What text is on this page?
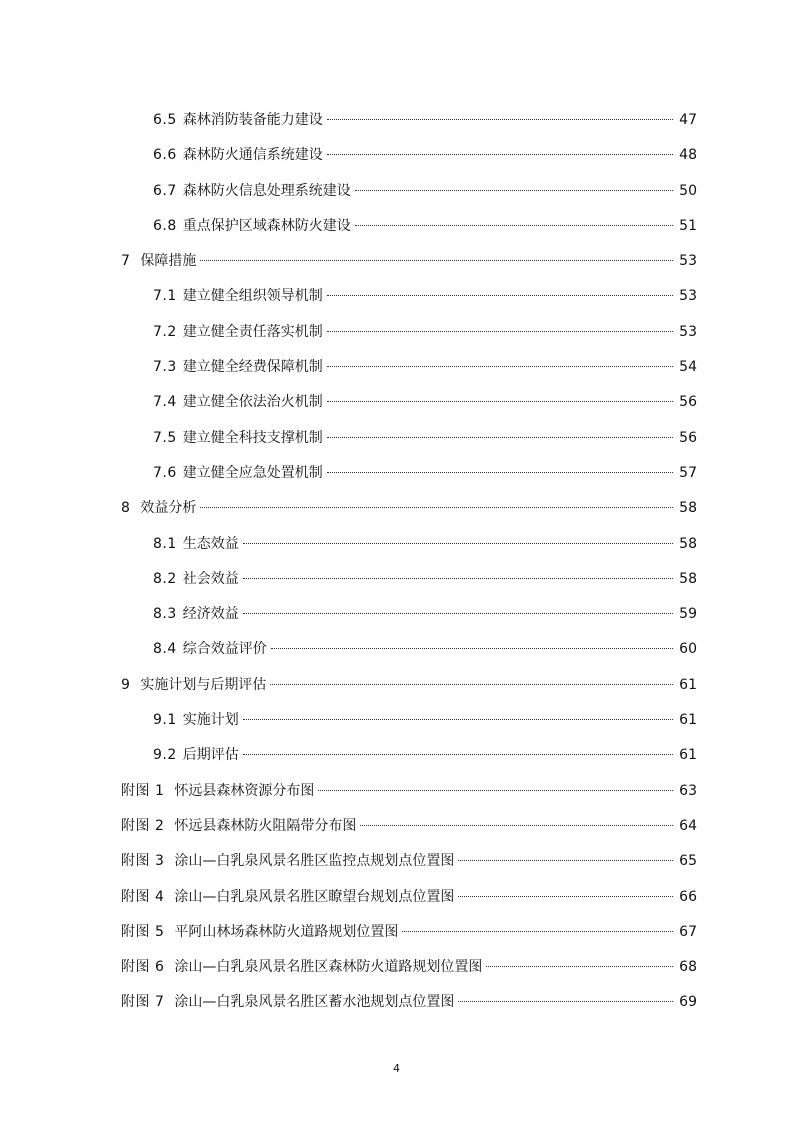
6.5 森林消防装备能力建设	47
6.6 森林防火通信系统建设	48
6.7 森林防火信息处理系统建设	50
6.8 重点保护区域森林防火建设	51
7 保障措施	53
7.1 建立健全组织领导机制	53
7.2 建立健全责任落实机制	53
7.3 建立健全经费保障机制	54
7.4 建立健全依法治火机制	56
7.5 建立健全科技支撑机制	56
7.6 建立健全应急处置机制	57
8 效益分析	58
8.1 生态效益	58
8.2 社会效益	58
8.3 经济效益	59
8.4 综合效益评价	60
9 实施计划与后期评估	61
9.1 实施计划	61
9.2 后期评估	61
附图 1 怀远县森林资源分布图	63
附图 2 怀远县森林防火阻隔带分布图	64
附图 3 涂山—白乳泉风景名胜区监控点规划点位置图	65
附图 4 涂山—白乳泉风景名胜区瞭望台规划点位置图	66
附图 5 平阿山林场森林防火道路规划位置图	67
附图 6 涂山—白乳泉风景名胜区森林防火道路规划位置图	68
附图 7 涂山—白乳泉风景名胜区蓄水池规划点位置图	69
4
